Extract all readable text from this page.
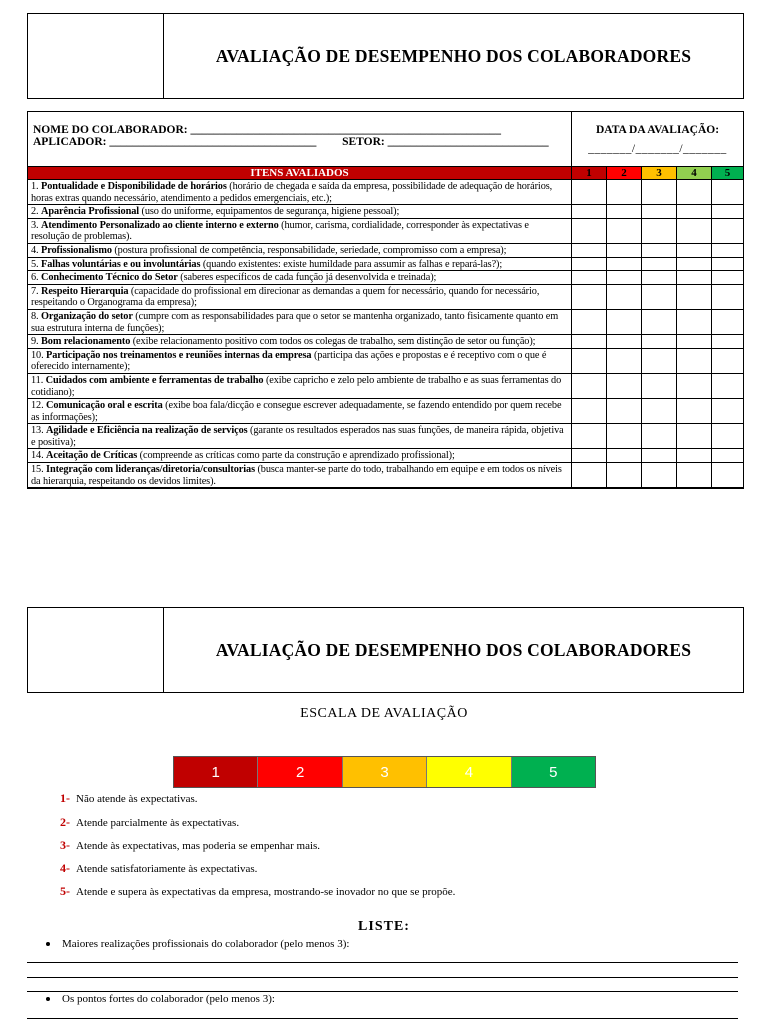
AVALIAÇÃO DE DESEMPENHO DOS COLABORADORES
NOME DO COLABORADOR: ______________________________________________________
APLICADOR: ____________________________________ SETOR: ____________________________
DATA DA AVALIAÇÃO:
_______/_______/_______
ITENS AVALIADOS	1	2	3	4	5
1. Pontualidade e Disponibilidade de horários (horário de chegada e saída da empresa, possibilidade de adequação de horários, horas extras quando necessário, atendimento a pedidos emergenciais, etc.);
2. Aparência Profissional (uso do uniforme, equipamentos de segurança, higiene pessoal);
3. Atendimento Personalizado ao cliente interno e externo (humor, carisma, cordialidade, corresponder às expectativas e resolução de problemas).
4. Profissionalismo (postura profissional de competência, responsabilidade, seriedade, compromisso com a empresa);
5. Falhas voluntárias e ou involuntárias (quando existentes: existe humildade para assumir as falhas e repará-las?);
6. Conhecimento Técnico do Setor (saberes específicos de cada função já desenvolvida e treinada);
7. Respeito Hierarquia (capacidade do profissional em direcionar as demandas a quem for necessário, quando for necessário, respeitando o Organograma da empresa);
8. Organização do setor (cumpre com as responsabilidades para que o setor se mantenha organizado, tanto fisicamente quanto em sua estrutura interna de funções);
9. Bom relacionamento (exibe relacionamento positivo com todos os colegas de trabalho, sem distinção de setor ou função);
10. Participação nos treinamentos e reuniões internas da empresa (participa das ações e propostas e é receptivo com o que é oferecido internamente);
11. Cuidados com ambiente e ferramentas de trabalho (exibe capricho e zelo pelo ambiente de trabalho e as suas ferramentas do cotidiano);
12. Comunicação oral e escrita (exibe boa fala/dicção e consegue escrever adequadamente, se fazendo entendido por quem recebe as informações);
13. Agilidade e Eficiência na realização de serviços (garante os resultados esperados nas suas funções, de maneira rápida, objetiva e positiva);
14. Aceitação de Críticas (compreende as críticas como parte da construção e aprendizado profissional);
15. Integração com lideranças/diretoria/consultorias (busca manter-se parte do todo, trabalhando em equipe e em todos os níveis da hierarquia, respeitando os devidos limites).
AVALIAÇÃO DE DESEMPENHO DOS COLABORADORES
ESCALA DE AVALIAÇÃO
1	2	3	4	5
1- Não atende às expectativas.
2- Atende parcialmente às expectativas.
3- Atende às expectativas, mas poderia se empenhar mais.
4- Atende satisfatoriamente às expectativas.
5- Atende e supera às expectativas da empresa, mostrando-se inovador no que se propõe.
LISTE:
Maiores realizações profissionais do colaborador (pelo menos 3):
Os pontos fortes do colaborador (pelo menos 3):
